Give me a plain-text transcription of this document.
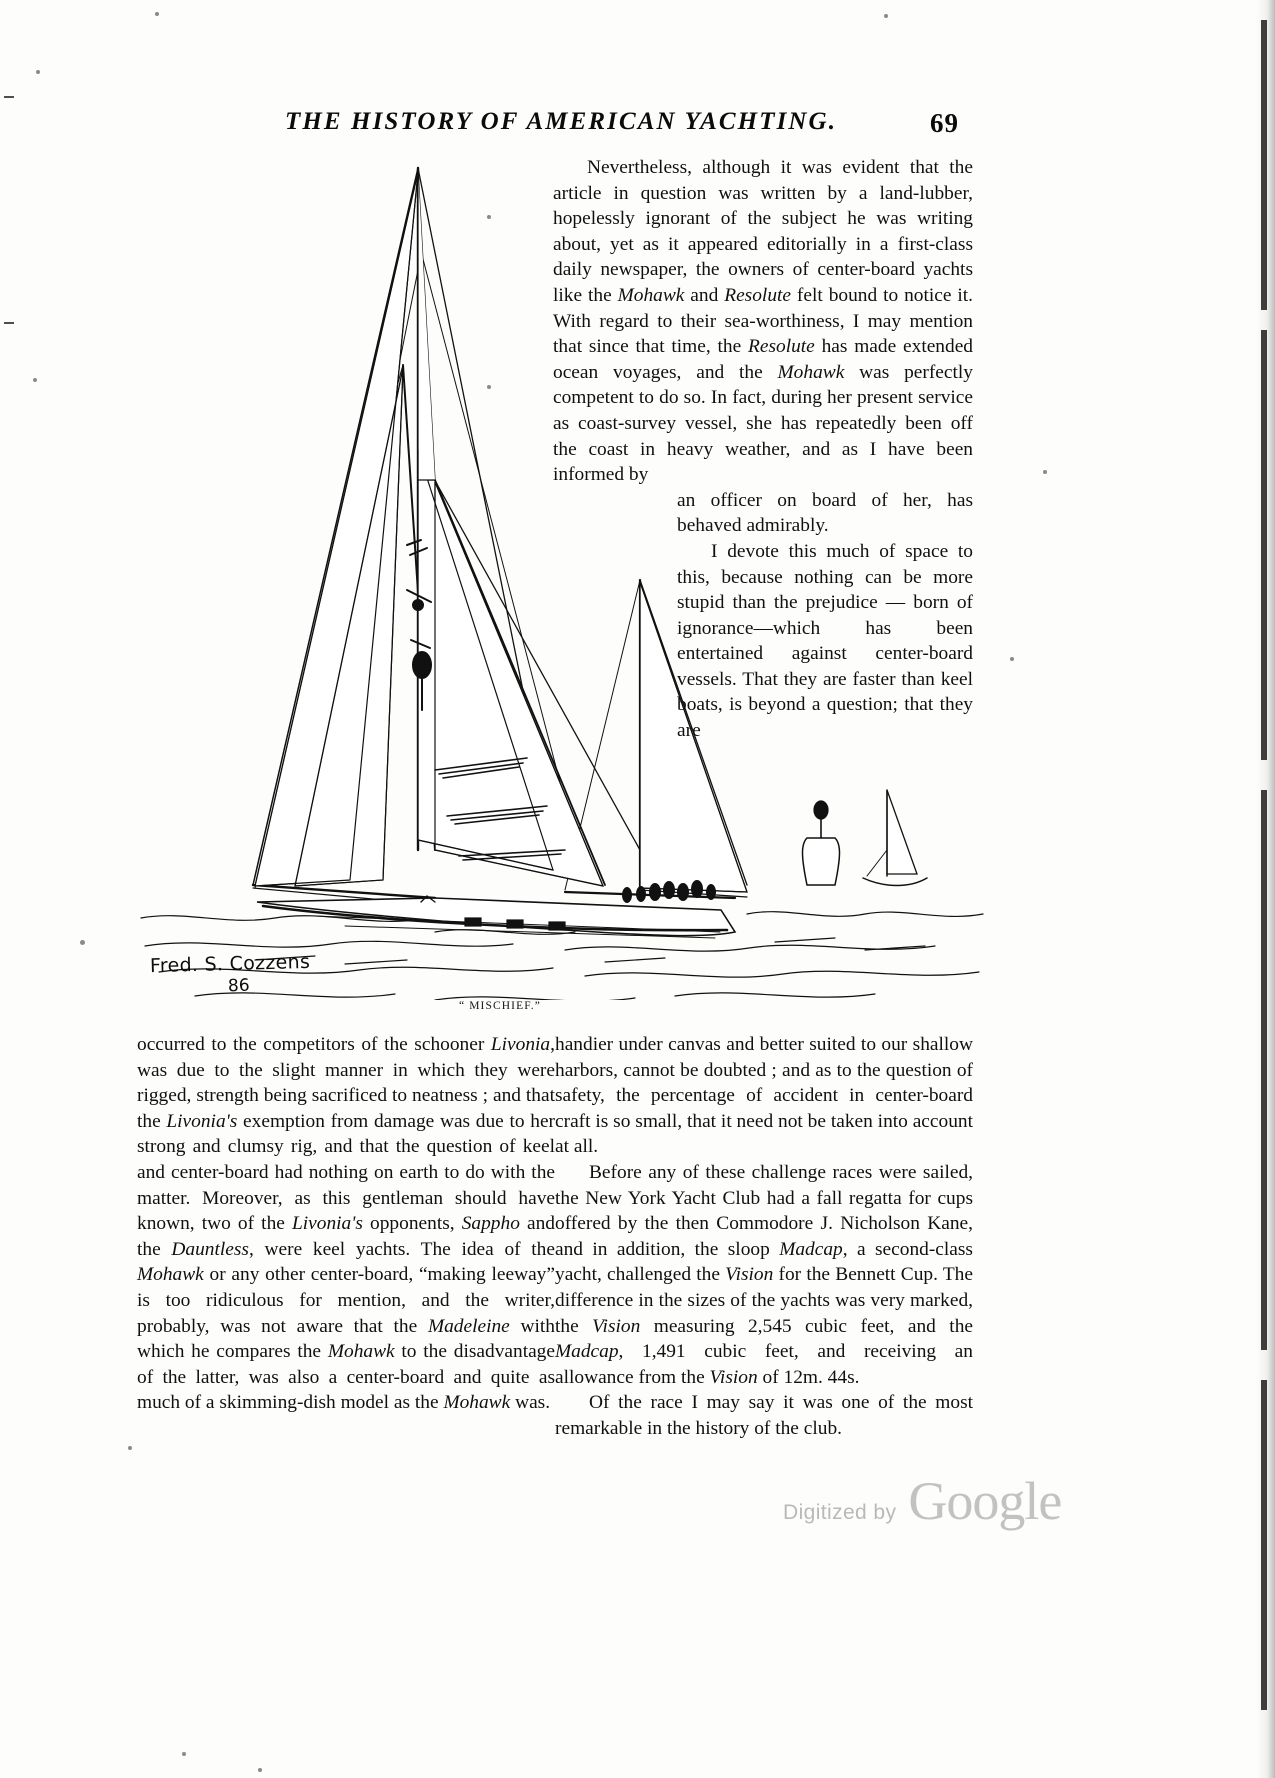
THE HISTORY OF AMERICAN YACHTING.	69
Fred. S. Cozzens
86
“ MISCHIEF.”

Nevertheless, although it was evident that the article in question was written by a land-lubber, hopelessly ignorant of the subject he was writing about, yet as it appeared editorially in a first-class daily newspaper, the owners of center-board yachts like the Mohawk and Resolute felt bound to notice it. With regard to their sea-worthiness, I may mention that since that time, the Resolute has made extended ocean voyages, and the Mohawk was perfectly competent to do so. In fact, during her present service as coast-survey vessel, she has repeatedly been off the coast in heavy weather, and as I have been informed by

an officer on board of her, has behaved admirably.

I devote this much of space to this, because nothing can be more stupid than the prejudice — born of ignorance—which has been entertained against center-board vessels. That they are faster than keel boats, is beyond a question; that they are

occurred to the competitors of the schooner Livonia, was due to the slight manner in which they were rigged, strength being sacrificed to neatness ; and that the Livonia's exemption from damage was due to her strong and clumsy rig, and that the question of keel and center-board had nothing on earth to do with the matter. Moreover, as this gentleman should have known, two of the Livonia's opponents, Sappho and the Dauntless, were keel yachts. The idea of the Mohawk or any other center-board, “making leeway” is too ridiculous for mention, and the writer, probably, was not aware that the Madeleine with which he compares the Mohawk to the disadvantage of the latter, was also a center-board and quite as much of a skimming-dish model as the Mohawk was.

handier under canvas and better suited to our shallow harbors, cannot be doubted ; and as to the question of safety, the percentage of accident in center-board craft is so small, that it need not be taken into account at all.

Before any of these challenge races were sailed, the New York Yacht Club had a fall regatta for cups offered by the then Commodore J. Nicholson Kane, and in addition, the sloop Madcap, a second-class yacht, challenged the Vision for the Bennett Cup. The difference in the sizes of the yachts was very marked, the Vision measuring 2,545 cubic feet, and the Madcap, 1,491 cubic feet, and receiving an allowance from the Vision of 12m. 44s.

Of the race I may say it was one of the most remarkable in the history of the club.

Digitized by Google
